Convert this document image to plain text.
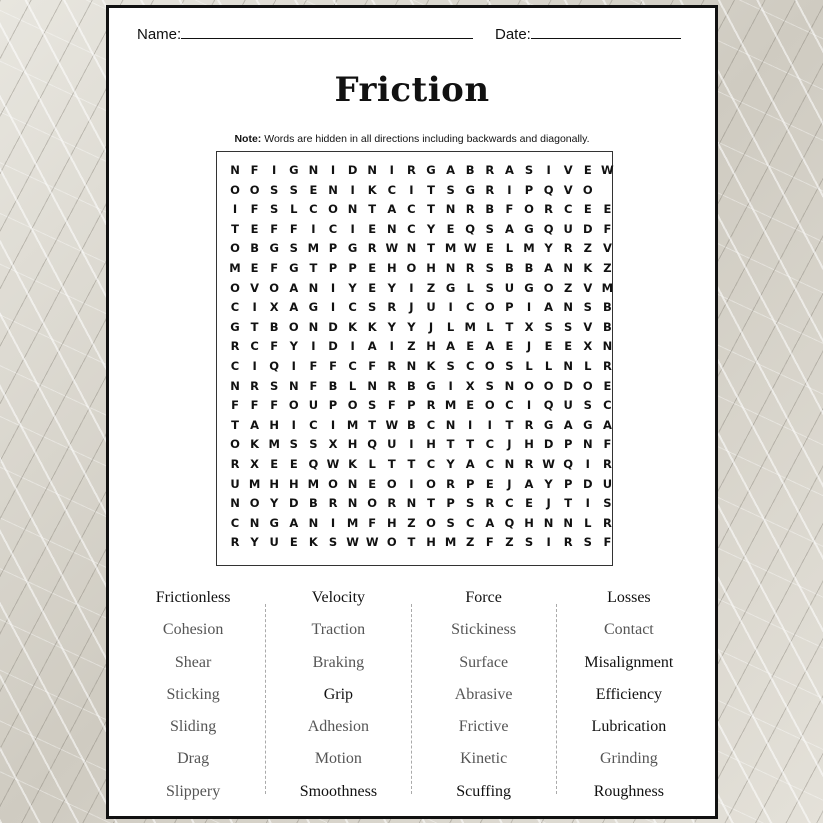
Name:	Date:
Friction
Note: Words are hidden in all directions including backwards and diagonally.
N F	I	G N	I	D N	I	R G A B R A S	I	V E W
O O S S	E N	I	K C	I	T	S G R	I	P Q V O
I	F	S	L	C O N T A C T N R B F O R C E	E
T	E	F	F	I	C	I	E N C Y	E Q S A G Q U D F
O B G S M P G R W N T M W E	L M Y R Z V
M E	F G T P P E H O H N R S B B A N K Z
O V O A N	I	Y	E	Y	I	Z G L	S U G O Z V M
C	I	X A G	I	C S R	J	U	I	C O P	I	A N S B
G T B O N D K K Y Y	J	L M L	T X S S V B
R C F	Y	I	D	I	A	I	Z H A E A E	J	E	E X N
C	I	Q	I	F	F C F R N K S C O S	L	L N L	R
N R S N F B	L N R B G	I	X S N O O D O E
F	F	F O U P O S	F P R M E O C	I	Q U S C
T A H	I	C	I	M T W B C N	I	I	T R G A G A
O K M S S X H Q U	I	H T	T C	J	H D P N F
R X E	E Q W K L	T	T C Y A C N R W Q	I	R
U M H H M O N E O	I	O R P E	J	A Y P D U
N O Y D B R N O R N T P S R C E	J	T	I	S
C N G A N	I	M F H Z O S C A Q H N N L	R
R Y U E K S W W O T H M Z	F	Z S	I	R S	F
Frictionless
Cohesion
Shear
Sticking
Sliding
Drag
Slippery
Velocity
Traction
Braking
Grip
Adhesion
Motion
Smoothness
Force
Stickiness
Surface
Abrasive
Frictive
Kinetic
Scuffing
Losses
Contact
Misalignment
Efficiency
Lubrication
Grinding
Roughness
